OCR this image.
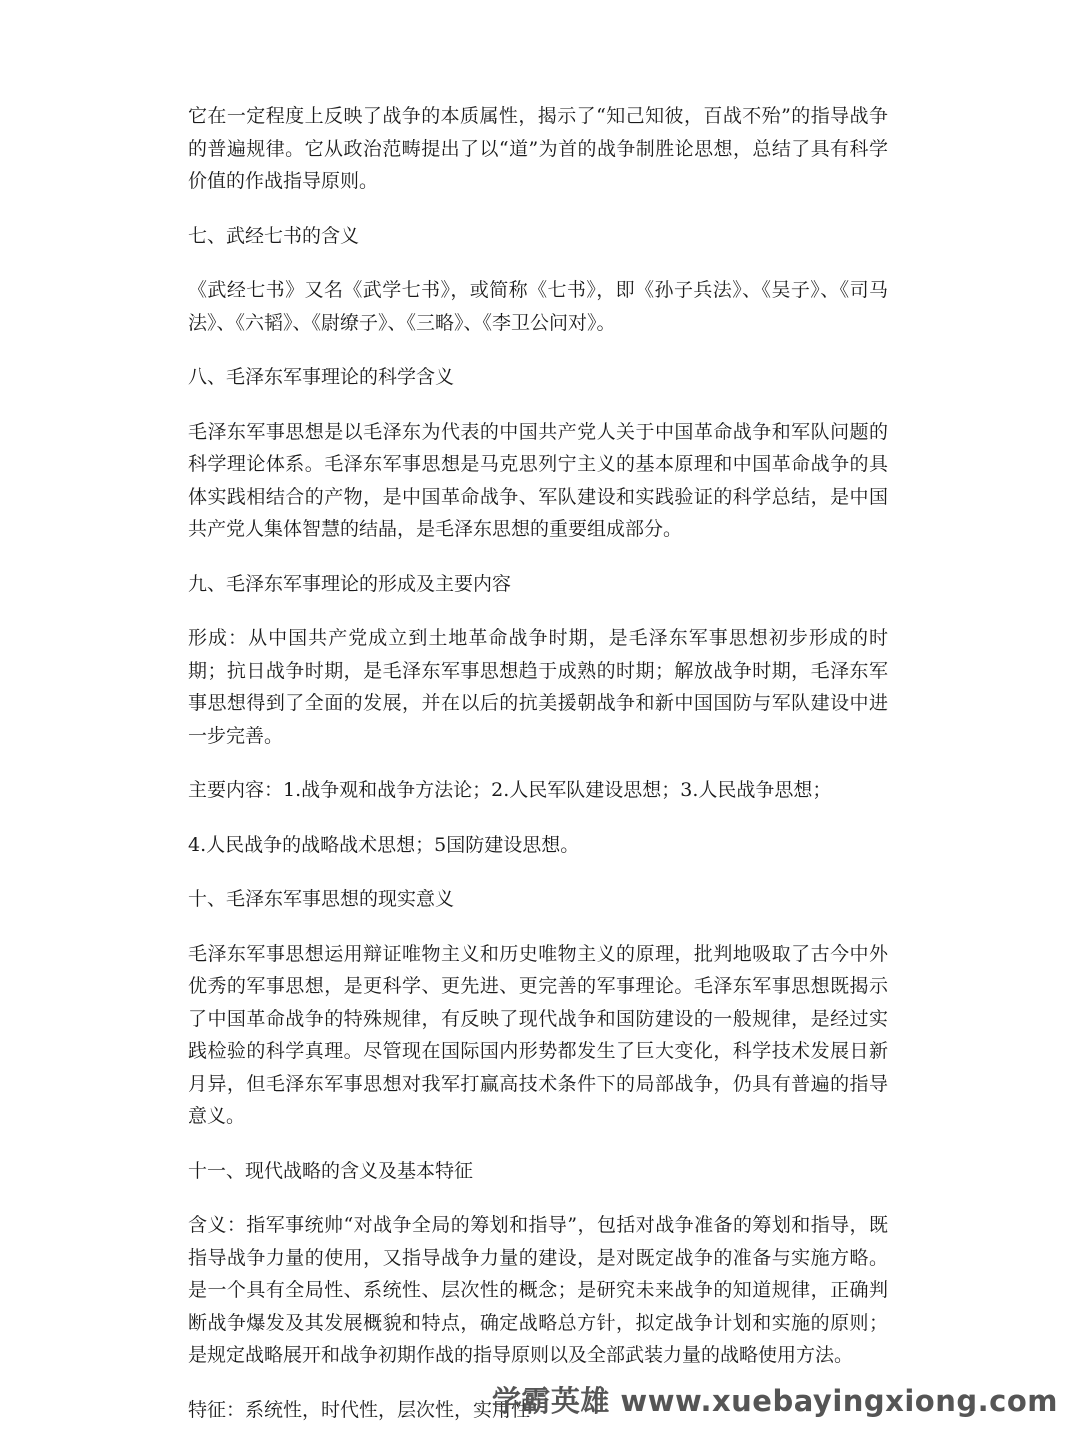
它在一定程度上反映了战争的本质属性，揭示了“知己知彼，百战不殆”的指导战争的普遍规律。它从政治范畴提出了以“道”为首的战争制胜论思想，总结了具有科学价值的作战指导原则。

七、武经七书的含义

《武经七书》又名《武学七书》，或简称《七书》，即《孙子兵法》、《吴子》、《司马法》、《六韬》、《尉缭子》、《三略》、《李卫公问对》。

八、毛泽东军事理论的科学含义

毛泽东军事思想是以毛泽东为代表的中国共产党人关于中国革命战争和军队问题的科学理论体系。毛泽东军事思想是马克思列宁主义的基本原理和中国革命战争的具体实践相结合的产物，是中国革命战争、军队建设和实践验证的科学总结，是中国共产党人集体智慧的结晶，是毛泽东思想的重要组成部分。

九、毛泽东军事理论的形成及主要内容

形成：从中国共产党成立到土地革命战争时期，是毛泽东军事思想初步形成的时期；抗日战争时期，是毛泽东军事思想趋于成熟的时期；解放战争时期，毛泽东军事思想得到了全面的发展，并在以后的抗美援朝战争和新中国国防与军队建设中进一步完善。

主要内容：1.战争观和战争方法论；2.人民军队建设思想；3.人民战争思想；

4.人民战争的战略战术思想；5国防建设思想。

十、毛泽东军事思想的现实意义

毛泽东军事思想运用辩证唯物主义和历史唯物主义的原理，批判地吸取了古今中外优秀的军事思想，是更科学、更先进、更完善的军事理论。毛泽东军事思想既揭示了中国革命战争的特殊规律，有反映了现代战争和国防建设的一般规律，是经过实践检验的科学真理。尽管现在国际国内形势都发生了巨大变化，科学技术发展日新月异，但毛泽东军事思想对我军打赢高技术条件下的局部战争，仍具有普遍的指导意义。

十一、现代战略的含义及基本特征

含义：指军事统帅“对战争全局的筹划和指导”，包括对战争准备的筹划和指导，既指导战争力量的使用，又指导战争力量的建设，是对既定战争的准备与实施方略。是一个具有全局性、系统性、层次性的概念；是研究未来战争的知道规律，正确判断战争爆发及其发展概貌和特点，确定战略总方针，拟定战争计划和实施的原则；是规定战略展开和战争初期作战的指导原则以及全部武装力量的战略使用方法。

特征：系统性，时代性，层次性，实用性

学霸英雄 www.xuebayingxiong.com
